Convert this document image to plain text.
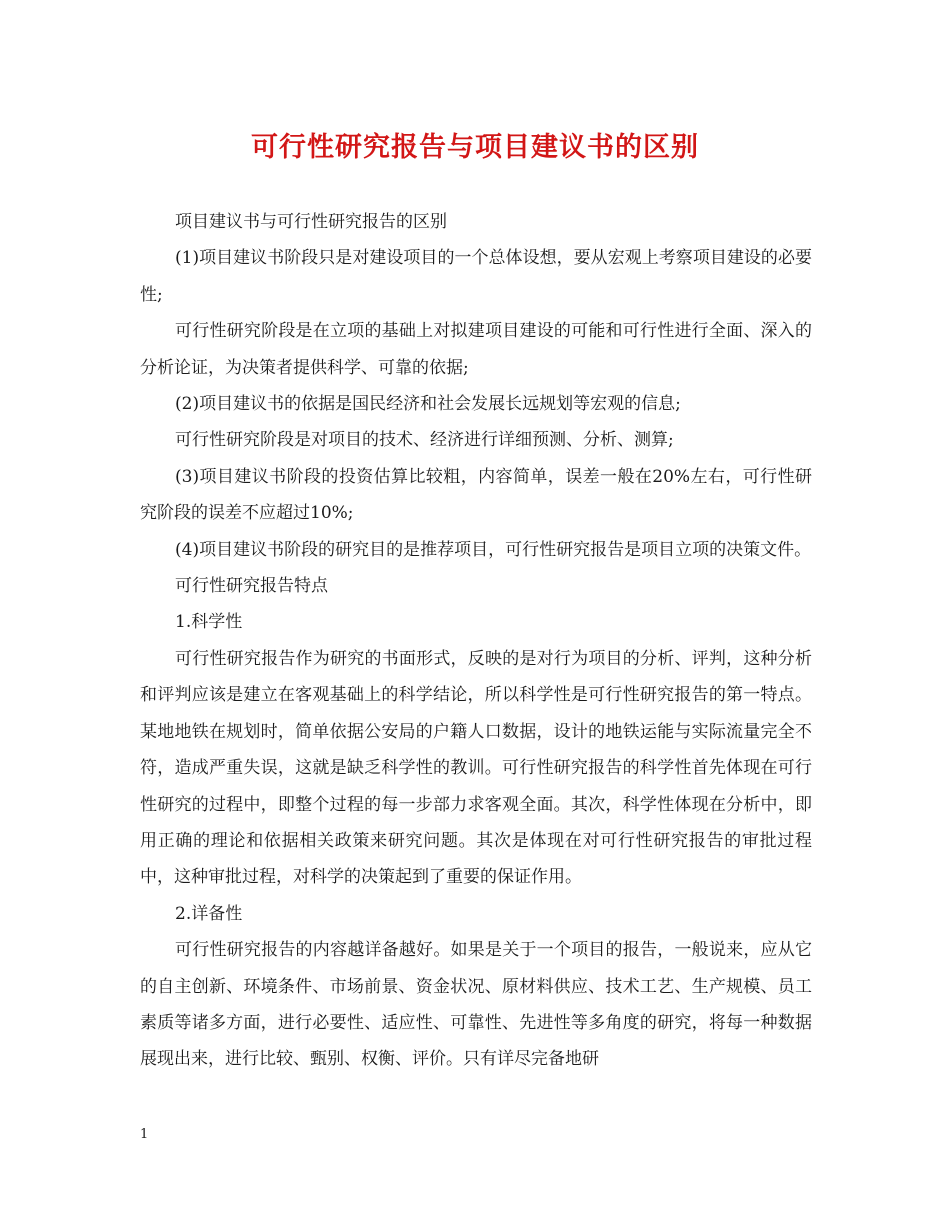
可行性研究报告与项目建议书的区别

项目建议书与可行性研究报告的区别

(1)项目建议书阶段只是对建设项目的一个总体设想，要从宏观上考察项目建设的必要性;

可行性研究阶段是在立项的基础上对拟建项目建设的可能和可行性进行全面、深入的分析论证，为决策者提供科学、可靠的依据;

(2)项目建议书的依据是国民经济和社会发展长远规划等宏观的信息;

可行性研究阶段是对项目的技术、经济进行详细预测、分析、测算;

(3)项目建议书阶段的投资估算比较粗，内容简单，误差一般在20%左右，可行性研究阶段的误差不应超过10%;

(4)项目建议书阶段的研究目的是推荐项目，可行性研究报告是项目立项的决策文件。

可行性研究报告特点

1.科学性

可行性研究报告作为研究的书面形式，反映的是对行为项目的分析、评判，这种分析和评判应该是建立在客观基础上的科学结论，所以科学性是可行性研究报告的第一特点。某地地铁在规划时，简单依据公安局的户籍人口数据，设计的地铁运能与实际流量完全不符，造成严重失误，这就是缺乏科学性的教训。可行性研究报告的科学性首先体现在可行性研究的过程中，即整个过程的每一步部力求客观全面。其次，科学性体现在分析中，即用正确的理论和依据相关政策来研究问题。其次是体现在对可行性研究报告的审批过程中，这种审批过程，对科学的决策起到了重要的保证作用。

2.详备性

可行性研究报告的内容越详备越好。如果是关于一个项目的报告，一般说来，应从它的自主创新、环境条件、市场前景、资金状况、原材料供应、技术工艺、生产规模、员工素质等诸多方面，进行必要性、适应性、可靠性、先进性等多角度的研究，将每一种数据展现出来，进行比较、甄别、权衡、评价。只有详尽完备地研

1
